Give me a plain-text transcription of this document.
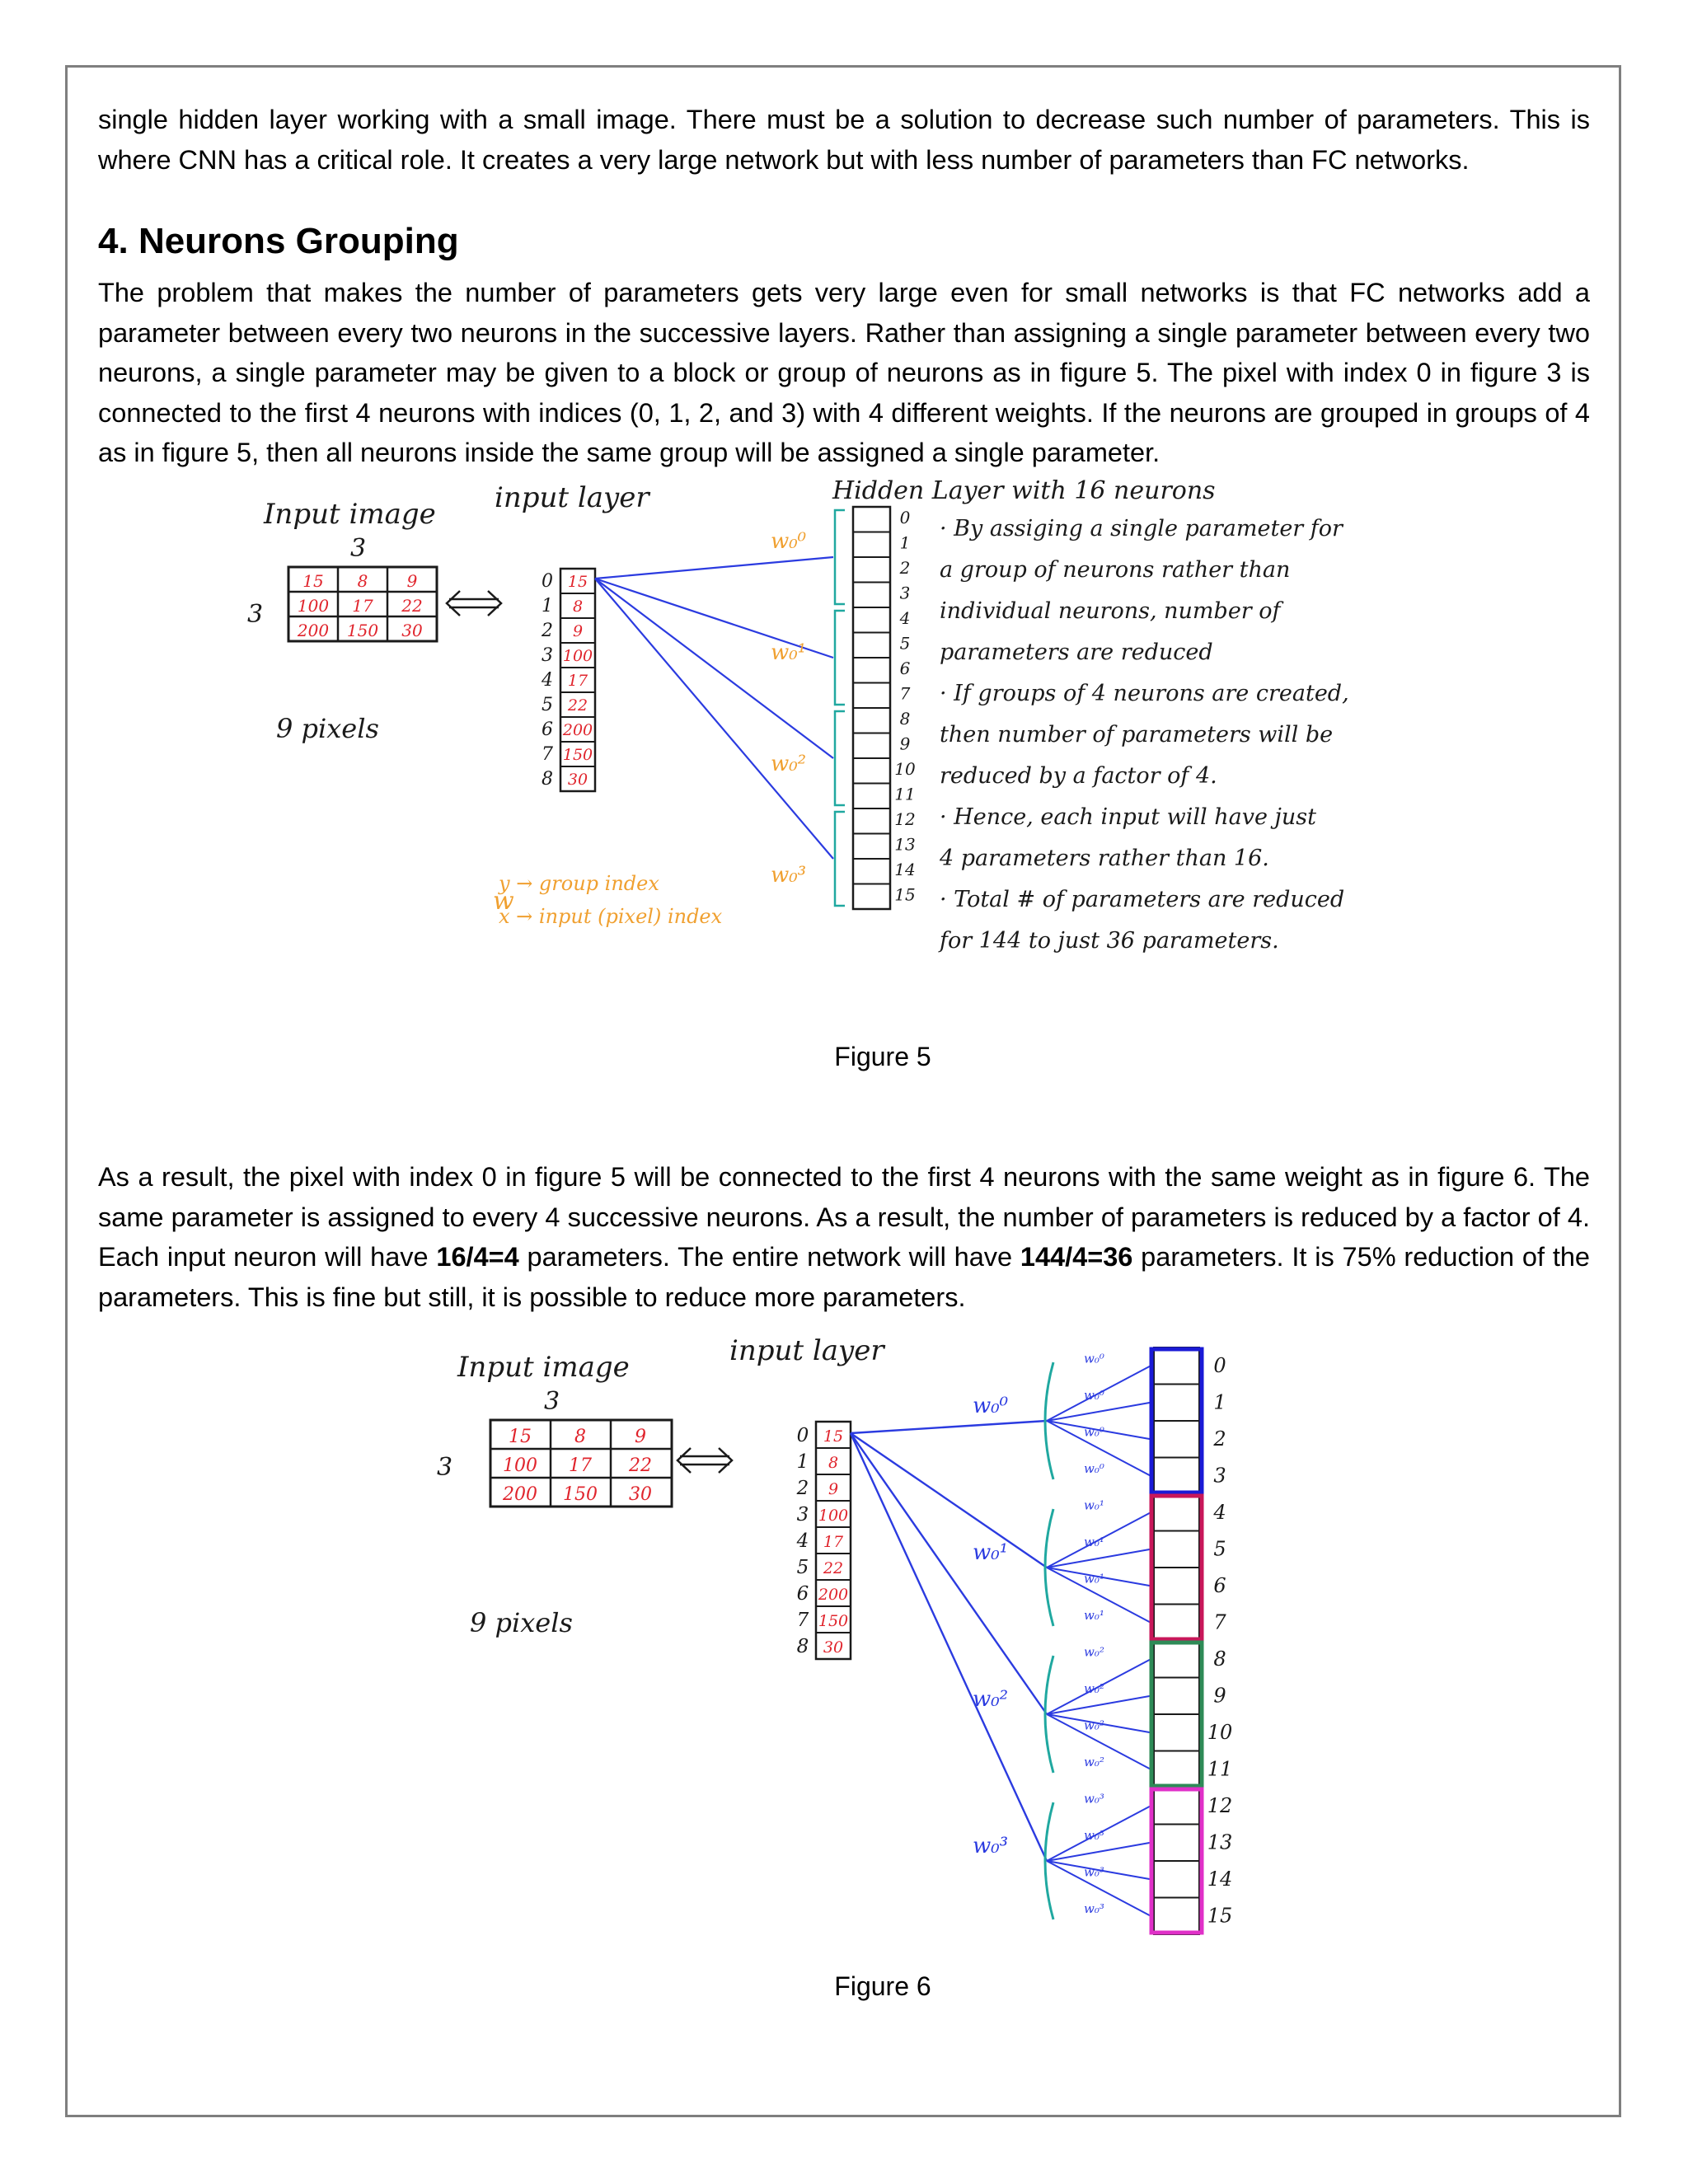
single hidden layer working with a small image. There must be a solution to decrease such number of parameters. This is where CNN has a critical role. It creates a very large network but with less number of parameters than FC networks.

4. Neurons Grouping

The problem that makes the number of parameters gets very large even for small networks is that FC networks add a parameter between every two neurons in the successive layers. Rather than assigning a single parameter between every two neurons, a single parameter may be given to a block or group of neurons as in figure 5. The pixel with index 0 in figure 3 is connected to the first 4 neurons with indices (0, 1, 2, and 3) with 4 different weights. If the neurons are grouped in groups of 4 as in figure 5, then all neurons inside the same group will be assigned a single parameter.

Input image input layer	Hidden Layer with 16 neurons
3
3
9 pixels
15 8 9
100 17 22
200 150 30
0 15
1 8
2 9
3 100
4 17
5 22
6 200
7 150
8 30
w₀⁰
w₀¹
w₀²
w₀³
0
1
2
3
4
5
6
7
8
9
10
11
12
13
14
15
y → group index
x → input (pixel) index
w
· By assiging a single parameter for
a group of neurons rather than
individual neurons, number of
parameters are reduced
· If groups of 4 neurons are created,
then number of parameters will be
reduced by a factor of 4.
· Hence, each input will have just
4 parameters rather than 16.
· Total # of parameters are reduced
for 144 to just 36 parameters.
Figure 5

As a result, the pixel with index 0 in figure 5 will be connected to the first 4 neurons with the same weight as in figure 6. The same parameter is assigned to every 4 successive neurons. As a result, the number of parameters is reduced by a factor of 4. Each input neuron will have 16/4=4 parameters. The entire network will have 144/4=36 parameters. It is 75% reduction of the parameters. This is fine but still, it is possible to reduce more parameters.

Input image	input layer
3
3
9 pixels
15 8	9
100 17 22
200 150 30
0 15
1 8
2 9
3 100
4 17
5 22
6 200
7 150
8 30
w₀⁰
w₀⁰
w₀⁰
w₀⁰
w₀⁰
w₀¹
w₀¹
w₀¹
w₀¹
w₀¹
w₀²
w₀²
w₀²
w₀²
w₀²
w₀³
w₀³
w₀³
w₀³
w₀³
0
1
2
3
4
5
6
7
8
9
10
11
12
13
14
15
Figure 6
